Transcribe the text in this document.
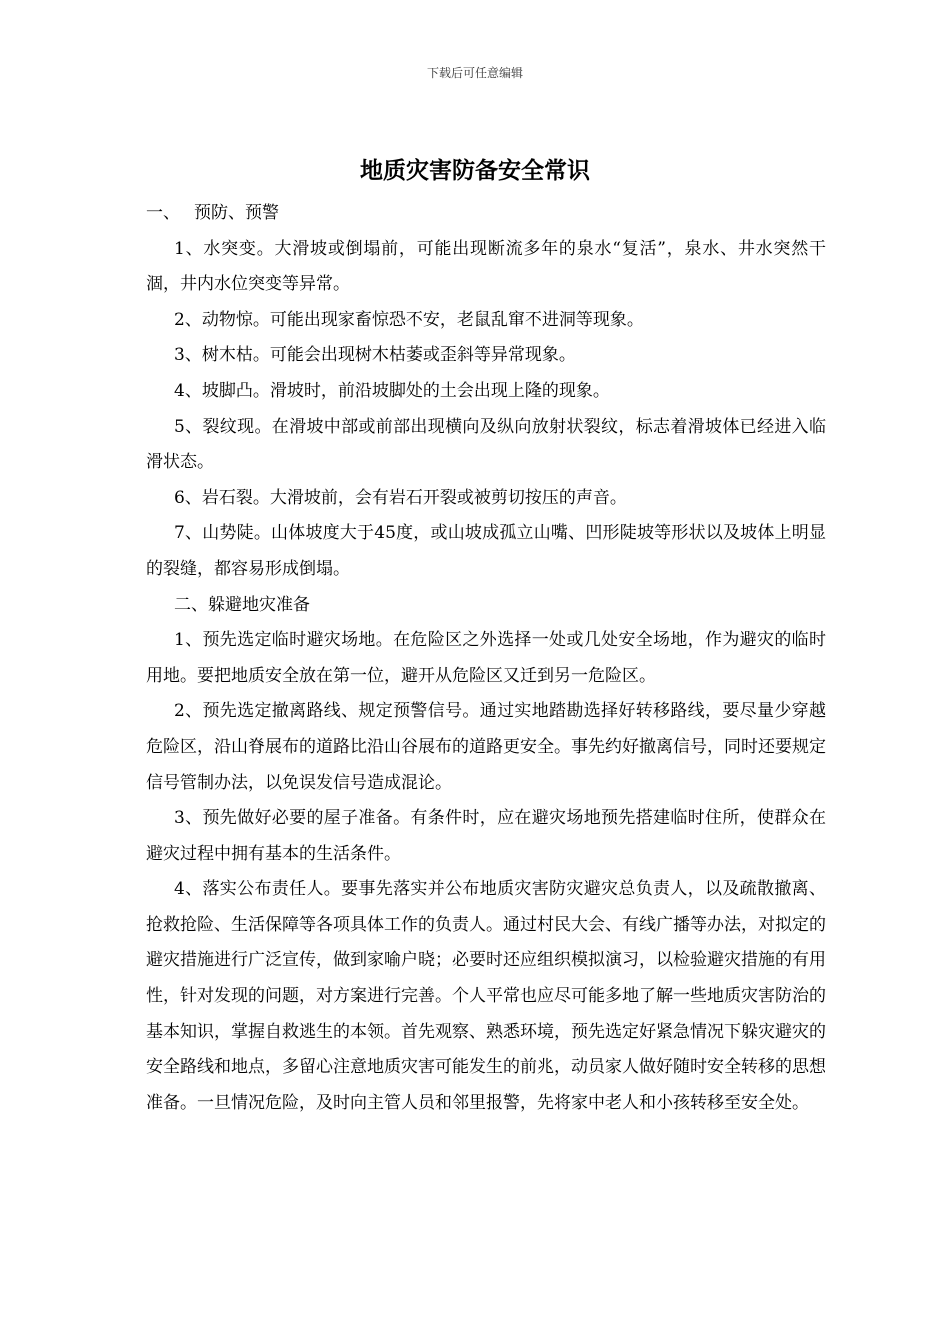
下载后可任意编辑
地质灾害防备安全常识

一、 预防、预警

1、水突变。大滑坡或倒塌前，可能出现断流多年的泉水“复活”，泉水、井水突然干涸，井内水位突变等异常。

2、动物惊。可能出现家畜惊恐不安，老鼠乱窜不进洞等现象。

3、树木枯。可能会出现树木枯萎或歪斜等异常现象。

4、坡脚凸。滑坡时，前沿坡脚处的土会出现上隆的现象。

5、裂纹现。在滑坡中部或前部出现横向及纵向放射状裂纹，标志着滑坡体已经进入临滑状态。

6、岩石裂。大滑坡前，会有岩石开裂或被剪切按压的声音。

7、山势陡。山体坡度大于45度，或山坡成孤立山嘴、凹形陡坡等形状以及坡体上明显的裂缝，都容易形成倒塌。

二、躲避地灾准备

1、预先选定临时避灾场地。在危险区之外选择一处或几处安全场地，作为避灾的临时用地。要把地质安全放在第一位，避开从危险区又迁到另一危险区。

2、预先选定撤离路线、规定预警信号。通过实地踏勘选择好转移路线，要尽量少穿越危险区，沿山脊展布的道路比沿山谷展布的道路更安全。事先约好撤离信号，同时还要规定信号管制办法，以免误发信号造成混论。

3、预先做好必要的屋子准备。有条件时，应在避灾场地预先搭建临时住所，使群众在避灾过程中拥有基本的生活条件。

4、落实公布责任人。要事先落实并公布地质灾害防灾避灾总负责人，以及疏散撤离、抢救抢险、生活保障等各项具体工作的负责人。通过村民大会、有线广播等办法，对拟定的避灾措施进行广泛宣传，做到家喻户晓；必要时还应组织模拟演习，以检验避灾措施的有用性，针对发现的问题，对方案进行完善。个人平常也应尽可能多地了解一些地质灾害防治的基本知识，掌握自救逃生的本领。首先观察、熟悉环境，预先选定好紧急情况下躲灾避灾的安全路线和地点，多留心注意地质灾害可能发生的前兆，动员家人做好随时安全转移的思想准备。一旦情况危险，及时向主管人员和邻里报警，先将家中老人和小孩转移至安全处。
